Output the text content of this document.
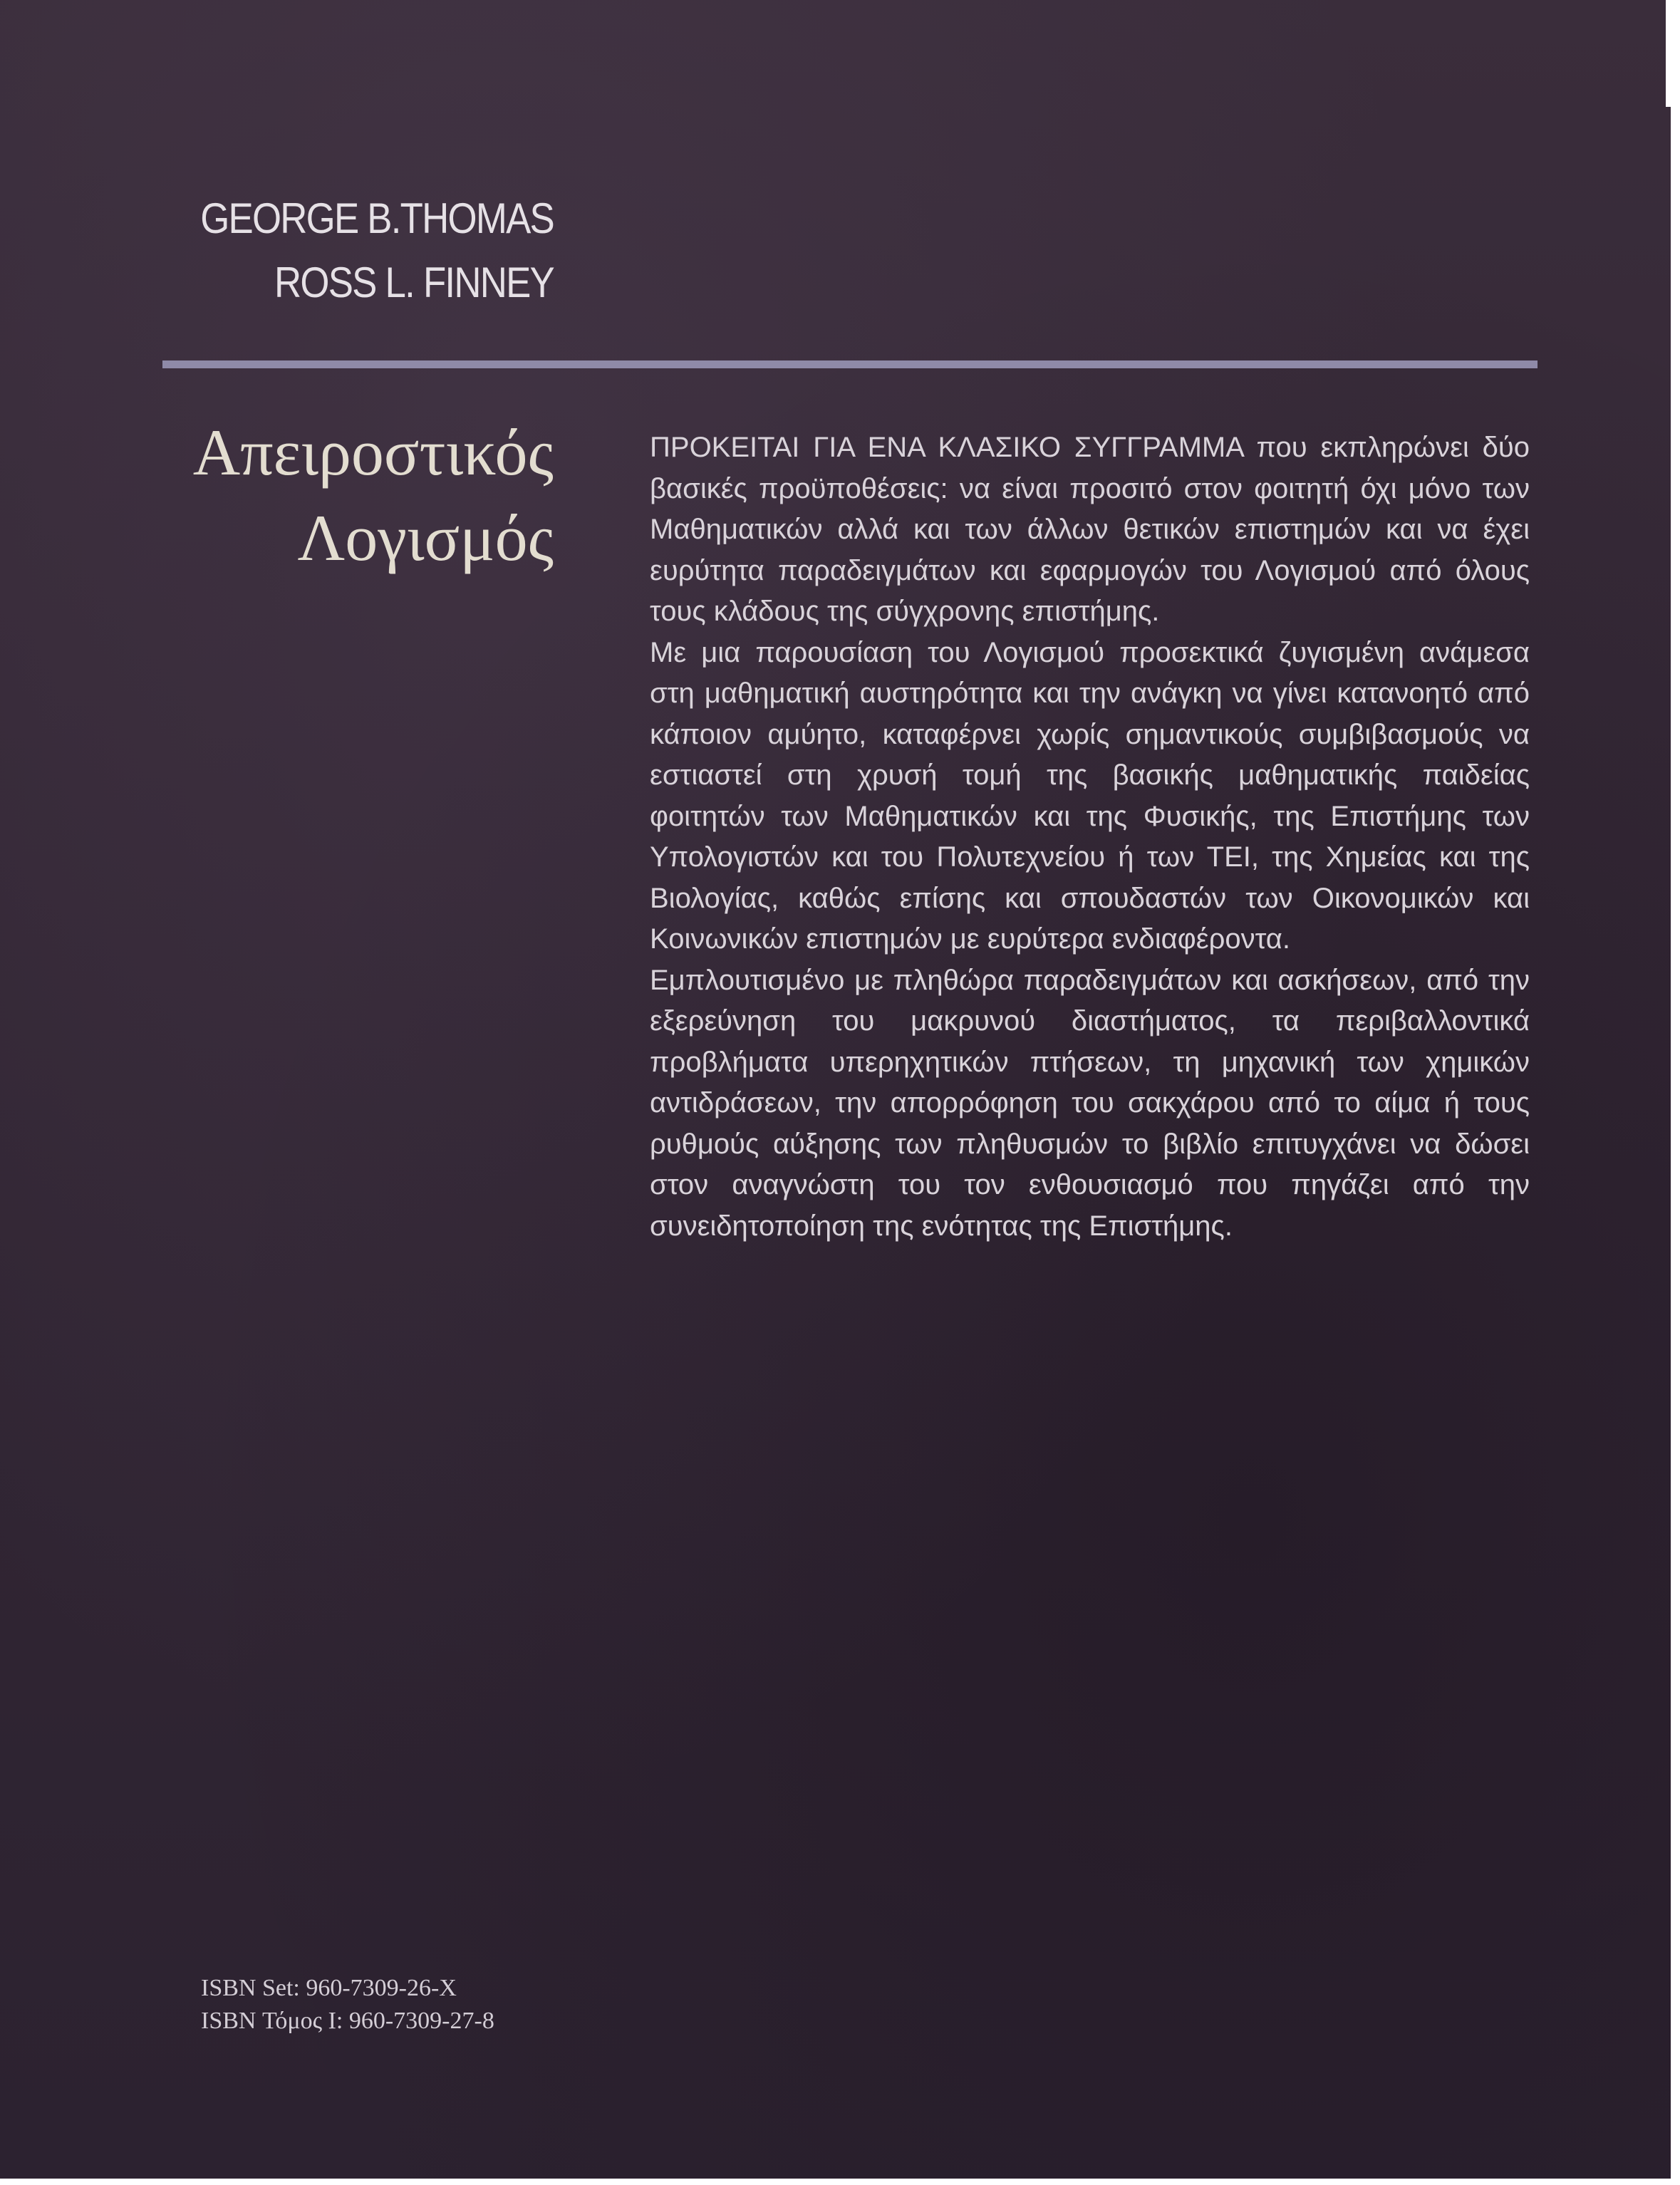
GEORGE B.THOMAS
ROSS L. FINNEY
Απειροστικός
Λογισμός

ΠΡΟΚΕΙΤΑΙ ΓΙΑ ΕΝΑ ΚΛΑΣΙΚΟ ΣΥΓΓΡΑΜΜΑ που εκπληρώνει δύο βασικές προϋποθέσεις: να είναι προσιτό στον φοιτητή όχι μόνο των Μαθηματικών αλλά και των άλλων θετικών επιστημών και να έχει ευρύτητα παραδειγμάτων και εφαρμογών του Λογισμού από όλους τους κλάδους της σύγχρονης επιστήμης.

Με μια παρουσίαση του Λογισμού προσεκτικά ζυγισμένη ανάμεσα στη μαθηματική αυστηρότητα και την ανάγκη να γίνει κατανοητό από κάποιον αμύητο, καταφέρνει χωρίς σημαντικούς συμβιβασμούς να εστιαστεί στη χρυσή τομή της βασικής μαθηματικής παιδείας φοιτητών των Μαθηματικών και της Φυσικής, της Επιστήμης των Υπολογιστών και του Πολυτεχνείου ή των ΤΕΙ, της Χημείας και της Βιολογίας, καθώς επίσης και σπουδαστών των Οικονομικών και Κοινωνικών επιστημών με ευρύτερα ενδιαφέροντα.

Εμπλουτισμένο με πληθώρα παραδειγμάτων και ασκήσεων, από την εξερεύνηση του μακρυνού διαστήματος, τα περιβαλλοντικά προβλήματα υπερηχητικών πτήσεων, τη μηχανική των χημικών αντιδράσεων, την απορρόφηση του σακχάρου από το αίμα ή τους ρυθμούς αύξησης των πληθυσμών το βιβλίο επιτυγχάνει να δώσει στον αναγνώστη του τον ενθουσιασμό που πηγάζει από την συνειδητοποίηση της ενότητας της Επιστήμης.

ISBN Set: 960-7309-26-X
ISBN Τόμος Ι: 960-7309-27-8
